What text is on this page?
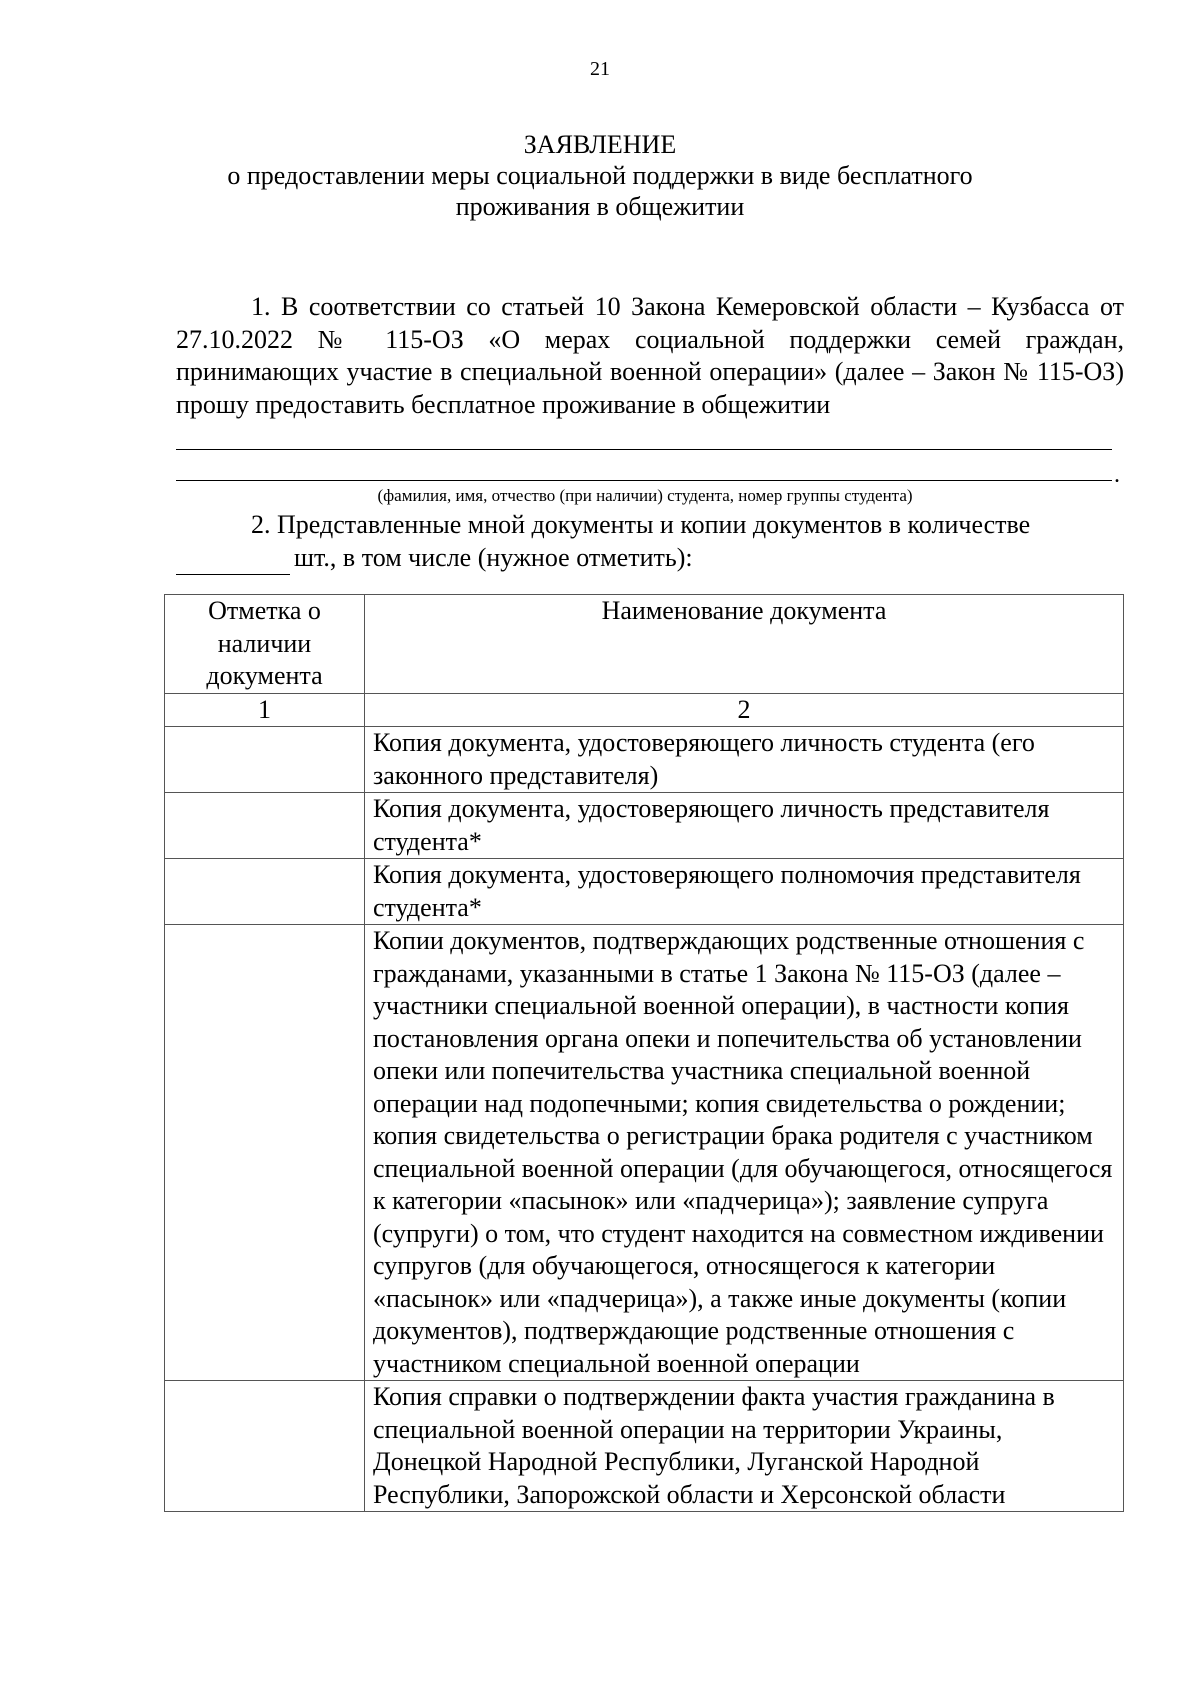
21
ЗАЯВЛЕНИЕ
о предоставлении меры социальной поддержки в виде бесплатного проживания в общежитии
1. В соответствии со статьей 10 Закона Кемеровской области – Кузбасса от 27.10.2022 № 115-ОЗ «О мерах социальной поддержки семей граждан, принимающих участие в специальной военной операции» (далее – Закон № 115-ОЗ) прошу предоставить бесплатное проживание в общежитии
.
(фамилия, имя, отчество (при наличии) студента, номер группы студента)
2. Представленные мной документы и копии документов в количестве
шт., в том числе (нужное отметить):
Отметка о наличии документа	Наименование документа
1	2
	Копия документа, удостоверяющего личность студента (его законного представителя)
	Копия документа, удостоверяющего личность представителя студента*
	Копия документа, удостоверяющего полномочия представителя студента*
	Копии документов, подтверждающих родственные отношения с гражданами, указанными в статье 1 Закона № 115-ОЗ (далее – участники специальной военной операции), в частности копия постановления органа опеки и попечительства об установлении опеки или попечительства участника специальной военной операции над подопечными; копия свидетельства о рождении; копия свидетельства о регистрации брака родителя с участником специальной военной операции (для обучающегося, относящегося к категории «пасынок» или «падчерица»); заявление супруга (супруги) о том, что студент находится на совместном иждивении супругов (для обучающегося, относящегося к категории «пасынок» или «падчерица»), а также иные документы (копии документов), подтверждающие родственные отношения с участником специальной военной операции
	Копия справки о подтверждении факта участия гражданина в специальной военной операции на территории Украины, Донецкой Народной Республики, Луганской Народной Республики, Запорожской области и Херсонской области
